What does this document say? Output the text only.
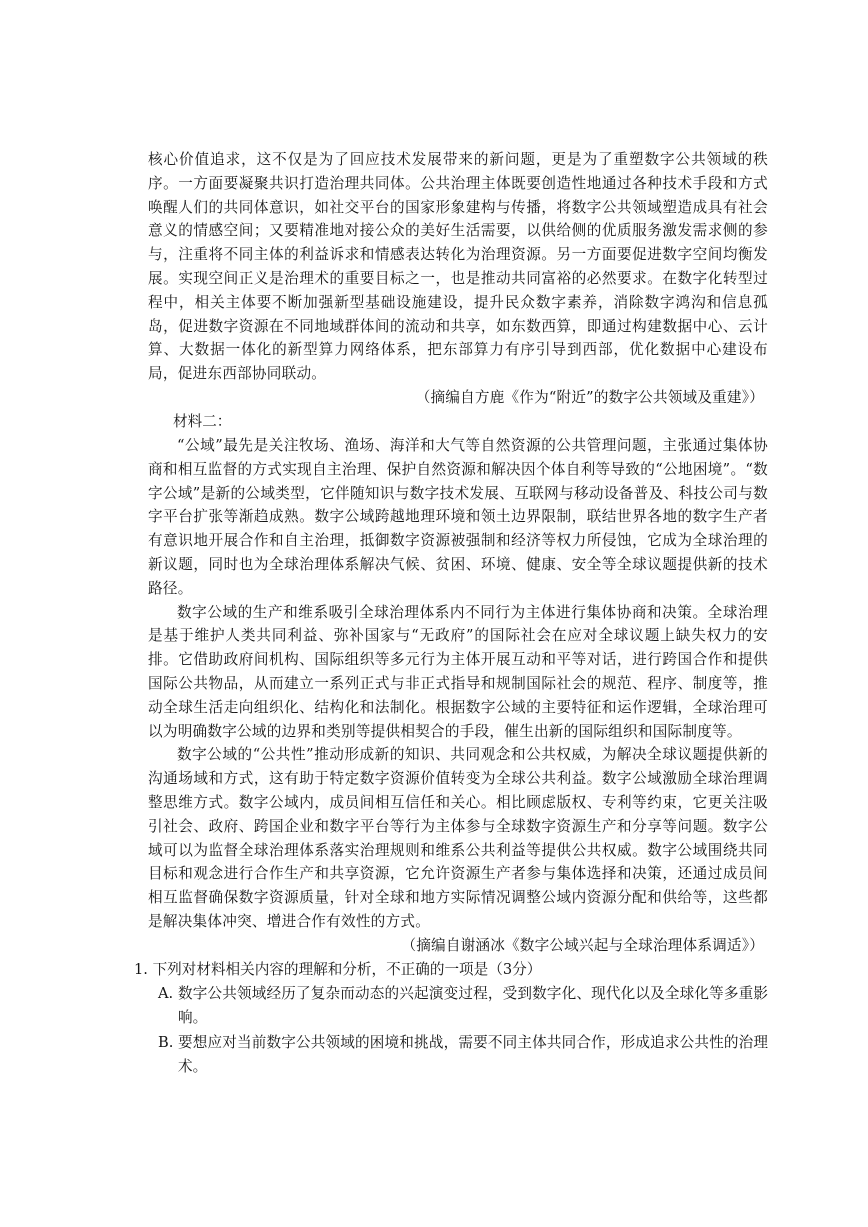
核心价值追求，这不仅是为了回应技术发展带来的新问题，更是为了重塑数字公共领域的秩序。一方面要凝聚共识打造治理共同体。公共治理主体既要创造性地通过各种技术手段和方式唤醒人们的共同体意识，如社交平台的国家形象建构与传播，将数字公共领域塑造成具有社会意义的情感空间；又要精准地对接公众的美好生活需要，以供给侧的优质服务激发需求侧的参与，注重将不同主体的利益诉求和情感表达转化为治理资源。另一方面要促进数字空间均衡发展。实现空间正义是治理术的重要目标之一，也是推动共同富裕的必然要求。在数字化转型过程中，相关主体要不断加强新型基础设施建设，提升民众数字素养，消除数字鸿沟和信息孤岛，促进数字资源在不同地域群体间的流动和共享，如东数西算，即通过构建数据中心、云计算、大数据一体化的新型算力网络体系，把东部算力有序引导到西部，优化数据中心建设布局，促进东西部协同联动。

（摘编自方鹿《作为“附近”的数字公共领域及重建》）

材料二：

“公域”最先是关注牧场、渔场、海洋和大气等自然资源的公共管理问题，主张通过集体协商和相互监督的方式实现自主治理、保护自然资源和解决因个体自利等导致的“公地困境”。“数字公域”是新的公域类型，它伴随知识与数字技术发展、互联网与移动设备普及、科技公司与数字平台扩张等渐趋成熟。数字公域跨越地理环境和领土边界限制，联结世界各地的数字生产者有意识地开展合作和自主治理，抵御数字资源被强制和经济等权力所侵蚀，它成为全球治理的新议题，同时也为全球治理体系解决气候、贫困、环境、健康、安全等全球议题提供新的技术路径。

数字公域的生产和维系吸引全球治理体系内不同行为主体进行集体协商和决策。全球治理是基于维护人类共同利益、弥补国家与“无政府”的国际社会在应对全球议题上缺失权力的安排。它借助政府间机构、国际组织等多元行为主体开展互动和平等对话，进行跨国合作和提供国际公共物品，从而建立一系列正式与非正式指导和规制国际社会的规范、程序、制度等，推动全球生活走向组织化、结构化和法制化。根据数字公域的主要特征和运作逻辑，全球治理可以为明确数字公域的边界和类别等提供相契合的手段，催生出新的国际组织和国际制度等。

数字公域的“公共性”推动形成新的知识、共同观念和公共权威，为解决全球议题提供新的沟通场域和方式，这有助于特定数字资源价值转变为全球公共利益。数字公域激励全球治理调整思维方式。数字公域内，成员间相互信任和关心。相比顾虑版权、专利等约束，它更关注吸引社会、政府、跨国企业和数字平台等行为主体参与全球数字资源生产和分享等问题。数字公域可以为监督全球治理体系落实治理规则和维系公共利益等提供公共权威。数字公域围绕共同目标和观念进行合作生产和共享资源，它允许资源生产者参与集体选择和决策，还通过成员间相互监督确保数字资源质量，针对全球和地方实际情况调整公域内资源分配和供给等，这些都是解决集体冲突、增进合作有效性的方式。

（摘编自谢涵冰《数字公域兴起与全球治理体系调适》）

1. 下列对材料相关内容的理解和分析，不正确的一项是（3分）

A. 数字公共领域经历了复杂而动态的兴起演变过程，受到数字化、现代化以及全球化等多重影响。
B. 要想应对当前数字公共领域的困境和挑战，需要不同主体共同合作，形成追求公共性的治理术。
